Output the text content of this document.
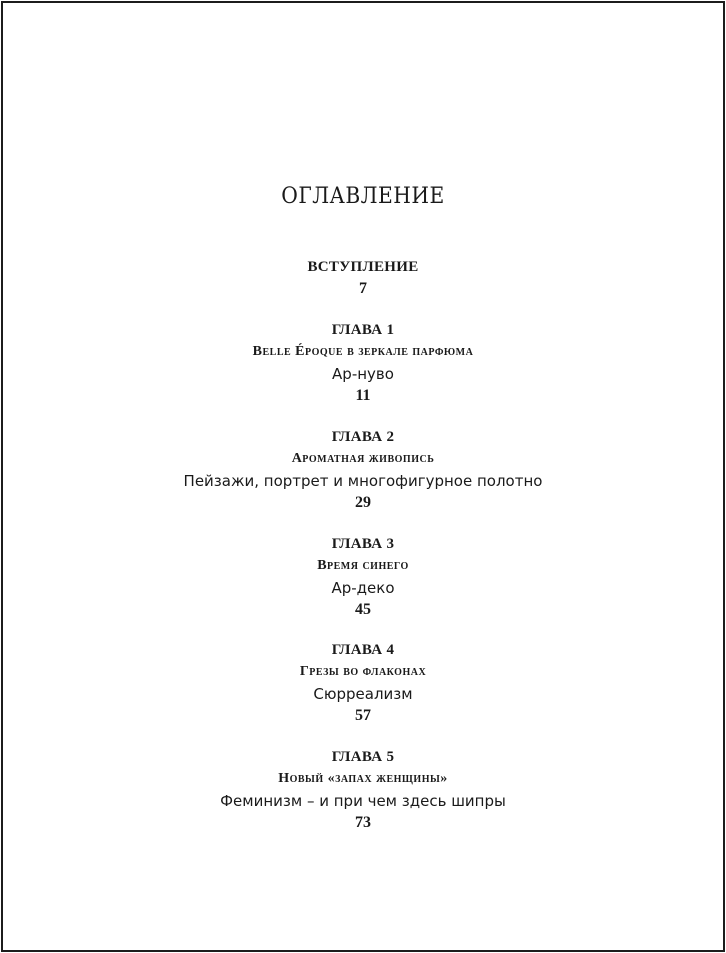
ОГЛАВЛЕНИЕ
ВСТУПЛЕНИЕ
7
ГЛАВА 1
Belle Époque в зеркале парфюма
Ар-нуво
11
ГЛАВА 2
Ароматная живопись
Пейзажи, портрет и многофигурное полотно
29
ГЛАВА 3
Время синего
Ар-деко
45
ГЛАВА 4
Грезы во флаконах
Сюрреализм
57
ГЛАВА 5
Новый «запах женщины»
Феминизм – и при чем здесь шипры
73
